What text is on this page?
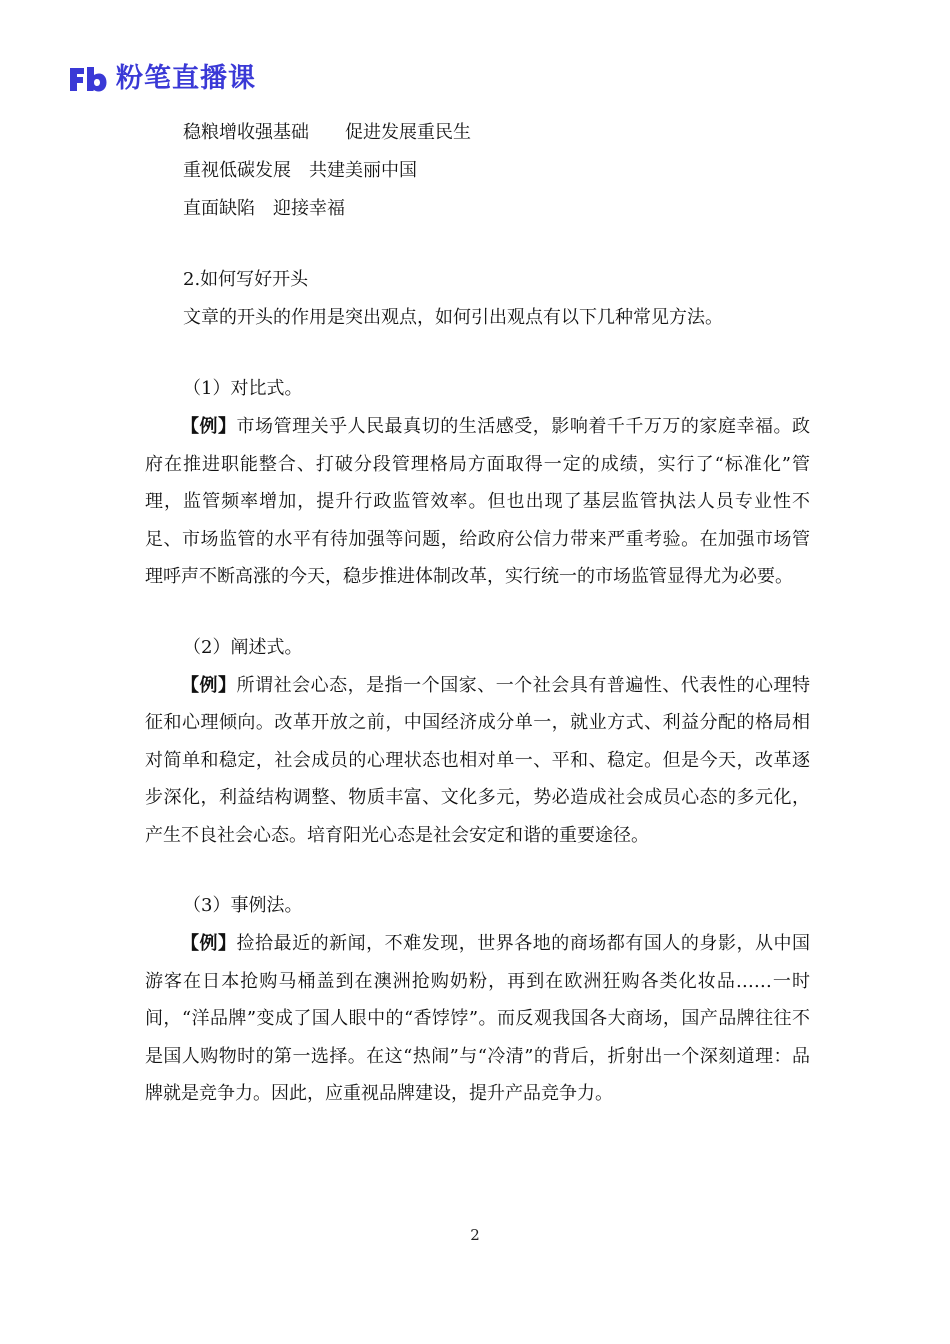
粉笔直播课
稳粮增收强基础　　促进发展重民生
重视低碳发展　共建美丽中国
直面缺陷　迎接幸福
2.如何写好开头
文章的开头的作用是突出观点，如何引出观点有以下几种常见方法。
（1）对比式。

【例】市场管理关乎人民最真切的生活感受，影响着千千万万的家庭幸福。政府在推进职能整合、打破分段管理格局方面取得一定的成绩，实行了“标准化”管理，监管频率增加，提升行政监管效率。但也出现了基层监管执法人员专业性不足、市场监管的水平有待加强等问题，给政府公信力带来严重考验。在加强市场管理呼声不断高涨的今天，稳步推进体制改革，实行统一的市场监管显得尤为必要。

（2）阐述式。

【例】所谓社会心态，是指一个国家、一个社会具有普遍性、代表性的心理特征和心理倾向。改革开放之前，中国经济成分单一，就业方式、利益分配的格局相对简单和稳定，社会成员的心理状态也相对单一、平和、稳定。但是今天，改革逐步深化，利益结构调整、物质丰富、文化多元，势必造成社会成员心态的多元化，产生不良社会心态。培育阳光心态是社会安定和谐的重要途径。

（3）事例法。

【例】捡拾最近的新闻，不难发现，世界各地的商场都有国人的身影，从中国游客在日本抢购马桶盖到在澳洲抢购奶粉，再到在欧洲狂购各类化妆品……一时间，“洋品牌”变成了国人眼中的“香饽饽”。而反观我国各大商场，国产品牌往往不是国人购物时的第一选择。在这“热闹”与“冷清”的背后，折射出一个深刻道理：品牌就是竞争力。因此，应重视品牌建设，提升产品竞争力。

2
